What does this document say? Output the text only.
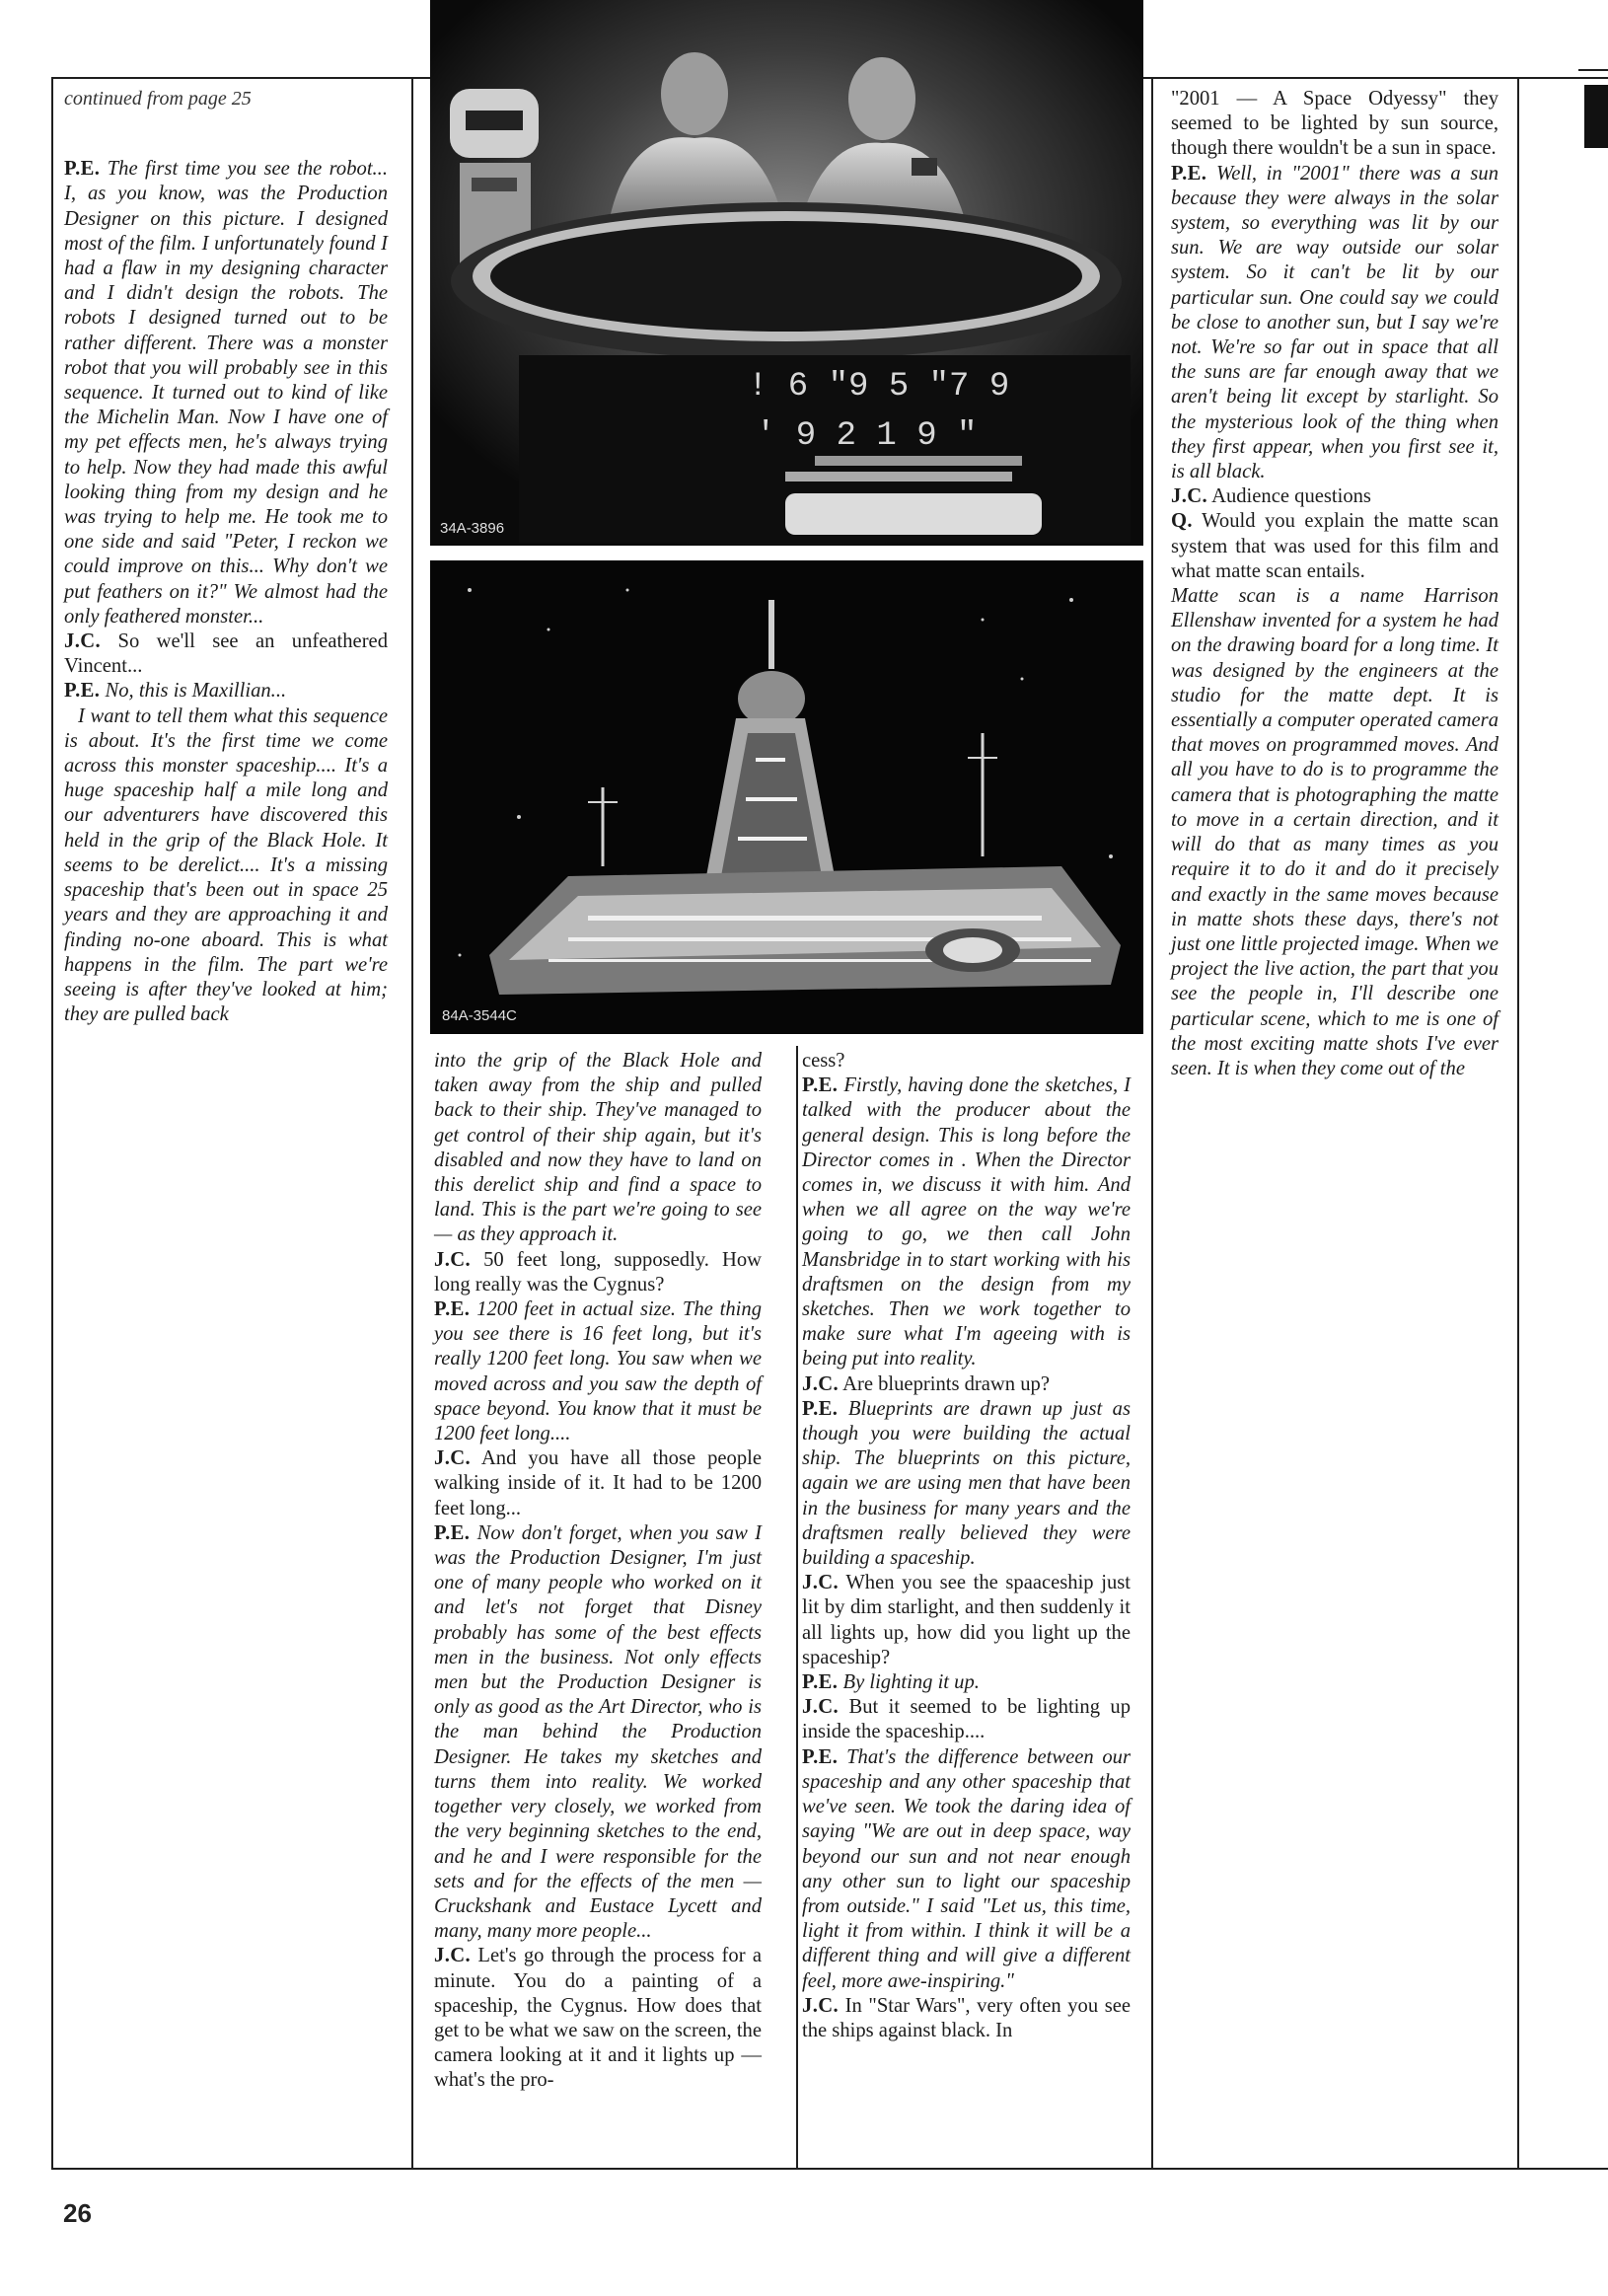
! 6 "9 5 "7 9
' 9 2 1 9 "
34A-3896
84A-3544C

continued from page 25

P.E. The first time you see the robot... I, as you know, was the Production Designer on this picture. I designed most of the film. I unfortunately found I had a flaw in my designing character and I didn't design the robots. The robots I designed turned out to be rather different. There was a monster robot that you will probably see in this sequence. It turned out to kind of like the Michelin Man. Now I have one of my pet effects men, he's always trying to help. Now they had made this awful looking thing from my design and he was trying to help me. He took me to one side and said "Peter, I reckon we could improve on this... Why don't we put feathers on it?" We almost had the only feathered monster...

J.C. So we'll see an unfeathered Vincent...

P.E. No, this is Maxillian...

I want to tell them what this sequence is about. It's the first time we come across this monster spaceship.... It's a huge spaceship half a mile long and our adventurers have discovered this held in the grip of the Black Hole. It seems to be derelict.... It's a missing spaceship that's been out in space 25 years and they are approaching it and finding no-one aboard. This is what happens in the film. The part we're seeing is after they've looked at him; they are pulled back

into the grip of the Black Hole and taken away from the ship and pulled back to their ship. They've managed to get control of their ship again, but it's disabled and now they have to land on this derelict ship and find a space to land. This is the part we're going to see — as they approach it.

J.C. 50 feet long, supposedly. How long really was the Cygnus?

P.E. 1200 feet in actual size. The thing you see there is 16 feet long, but it's really 1200 feet long. You saw when we moved across and you saw the depth of space beyond. You know that it must be 1200 feet long....

J.C. And you have all those people walking inside of it. It had to be 1200 feet long...

P.E. Now don't forget, when you saw I was the Production Designer, I'm just one of many people who worked on it and let's not forget that Disney probably has some of the best effects men in the business. Not only effects men but the Production Designer is only as good as the Art Director, who is the man behind the Production Designer. He takes my sketches and turns them into reality. We worked together very closely, we worked from the very beginning sketches to the end, and he and I were responsible for the sets and for the effects of the men — Cruckshank and Eustace Lycett and many, many more people...

J.C. Let's go through the process for a minute. You do a painting of a spaceship, the Cygnus. How does that get to be what we saw on the screen, the camera looking at it and it lights up — what's the pro-

cess?

P.E. Firstly, having done the sketches, I talked with the producer about the general design. This is long before the Director comes in . When the Director comes in, we discuss it with him. And when we all agree on the way we're going to go, we then call John Mansbridge in to start working with his draftsmen on the design from my sketches. Then we work together to make sure what I'm ageeing with is being put into reality.

J.C. Are blueprints drawn up?

P.E. Blueprints are drawn up just as though you were building the actual ship. The blueprints on this picture, again we are using men that have been in the business for many years and the draftsmen really believed they were building a spaceship.

J.C. When you see the spaaceship just lit by dim starlight, and then suddenly it all lights up, how did you light up the spaceship?

P.E. By lighting it up.

J.C. But it seemed to be lighting up inside the spaceship....

P.E. That's the difference between our spaceship and any other spaceship that we've seen. We took the daring idea of saying "We are out in deep space, way beyond our sun and not near enough any other sun to light our spaceship from outside." I said "Let us, this time, light it from within. I think it will be a different thing and will give a different feel, more awe-inspiring."

J.C. In "Star Wars", very often you see the ships against black. In

"2001 — A Space Odyessy" they seemed to be lighted by sun source, though there wouldn't be a sun in space.

P.E. Well, in "2001" there was a sun because they were always in the solar system, so everything was lit by our sun. We are way outside our solar system. So it can't be lit by our particular sun. One could say we could be close to another sun, but I say we're not. We're so far out in space that all the suns are far enough away that we aren't being lit except by starlight. So the mysterious look of the thing when they first appear, when you first see it, is all black.

J.C. Audience questions

Q. Would you explain the matte scan system that was used for this film and what matte scan entails.

Matte scan is a name Harrison Ellenshaw invented for a system he had on the drawing board for a long time. It was designed by the engineers at the studio for the matte dept. It is essentially a computer operated camera that moves on programmed moves. And all you have to do is to programme the camera that is photographing the matte to move in a certain direction, and it will do that as many times as you require it to do it and do it precisely and exactly in the same moves because in matte shots these days, there's not just one little projected image. When we project the live action, the part that you see the people in, I'll describe one particular scene, which to me is one of the most exciting matte shots I've ever seen. It is when they come out of the

26
